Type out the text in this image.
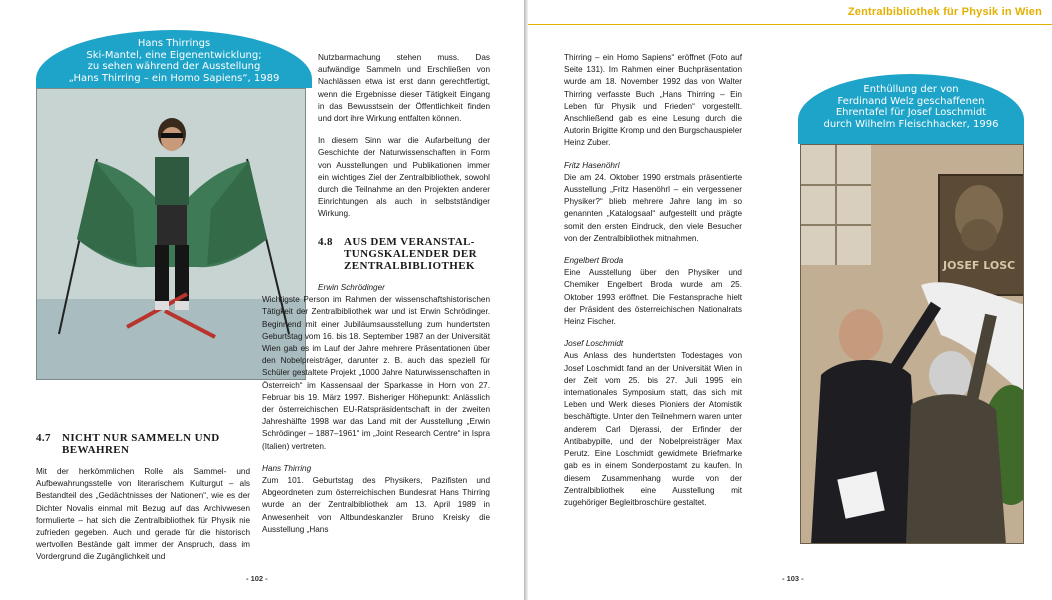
Hans Thirrings
Ski-Mantel, eine Eigenentwicklung;
zu sehen während der Ausstellung
„Hans Thirring – ein Homo Sapiens“, 1989

Nutzbarmachung stehen muss. Das aufwändige Sammeln und Erschließen von Nachlässen etwa ist erst dann gerechtfertigt, wenn die Ergebnisse dieser Tätigkeit Eingang in das Bewusstsein der Öffentlichkeit finden und dort ihre Wirkung entfalten können.

In diesem Sinn war die Aufarbeitung der Geschichte der Naturwissenschaften in Form von Ausstellungen und Publikationen immer ein wichtiges Ziel der Zentralbibliothek, sowohl durch die Teilnahme an den Projekten anderer Einrichtungen als auch in selbstständiger Wirkung.

4.8 AUS DEM VERANSTAL-
TUNGSKALENDER DER
ZENTRALBIBLIOTHEK
Erwin Schrödinger

Wichtigste Person im Rahmen der wissenschaftshistorischen Tätigkeit der Zentralbibliothek war und ist Erwin Schrödinger. Beginnend mit einer Jubiläumsausstellung zum hundertsten Geburtstag vom 16. bis 18. September 1987 an der Universität Wien gab es im Lauf der Jahre mehrere Präsentationen über den Nobelpreisträger, darunter z. B. auch das speziell für Schüler gestaltete Projekt „1000 Jahre Naturwissenschaften in Österreich“ im Kassensaal der Sparkasse in Horn von 27. Februar bis 19. März 1997. Bisheriger Höhepunkt: Anlässlich der österreichischen EU-Ratspräsidentschaft in der zweiten Jahreshälfte 1998 war das Land mit der Ausstellung „Erwin Schrödinger – 1887–1961“ im „Joint Research Centre“ in Ispra (Italien) vertreten.

Hans Thirring

Zum 101. Geburtstag des Physikers, Pazifisten und Abgeordneten zum österreichischen Bundesrat Hans Thirring wurde an der Zentralbibliothek am 13. April 1989 in Anwesenheit von Altbundeskanzler Bruno Kreisky die Ausstellung „Hans

4.7 NICHT NUR SAMMELN UND
BEWAHREN

Mit der herkömmlichen Rolle als Sammel- und Aufbewahrungsstelle von literarischem Kulturgut – als Bestandteil des „Gedächtnisses der Nationen“, wie es der Dichter Novalis einmal mit Bezug auf das Archivwesen formulierte – hat sich die Zentralbibliothek für Physik nie zufrieden gegeben. Auch und gerade für die historisch wertvollen Bestände galt immer der Anspruch, dass im Vordergrund die Zugänglichkeit und

- 102 -
Zentralbibliothek für Physik in Wien

Thirring – ein Homo Sapiens“ eröffnet (Foto auf Seite 131). Im Rahmen einer Buchpräsentation wurde am 18. November 1992 das von Walter Thirring verfasste Buch „Hans Thirring – Ein Leben für Physik und Frieden“ vorgestellt. Anschließend gab es eine Lesung durch die Autorin Brigitte Kromp und den Burgschauspieler Heinz Zuber.

Fritz Hasenöhrl

Die am 24. Oktober 1990 erstmals präsentierte Ausstellung „Fritz Hasenöhrl – ein vergessener Physiker?“ blieb mehrere Jahre lang im so genannten „Katalogsaal“ aufgestellt und prägte somit den ersten Eindruck, den viele Besucher von der Zentralbibliothek mitnahmen.

Engelbert Broda

Eine Ausstellung über den Physiker und Chemiker Engelbert Broda wurde am 25. Oktober 1993 eröffnet. Die Festansprache hielt der Präsident des österreichischen Nationalrats Heinz Fischer.

Josef Loschmidt

Aus Anlass des hundertsten Todestages von Josef Loschmidt fand an der Universität Wien in der Zeit vom 25. bis 27. Juli 1995 ein internationales Symposium statt, das sich mit Leben und Werk dieses Pioniers der Atomistik beschäftigte. Unter den Teilnehmern waren unter anderem Carl Djerassi, der Erfinder der Antibabypille, und der Nobelpreisträger Max Perutz. Eine Loschmidt gewidmete Briefmarke gab es in einem Sonderpostamt zu kaufen. In diesem Zusammenhang wurde von der Zentralbibliothek eine Ausstellung mit zugehöriger Begleitbroschüre gestaltet.

Enthüllung der von
Ferdinand Welz geschaffenen
Ehrentafel für Josef Loschmidt
durch Wilhelm Fleischhacker, 1996
JOSEF LOSC
- 103 -
